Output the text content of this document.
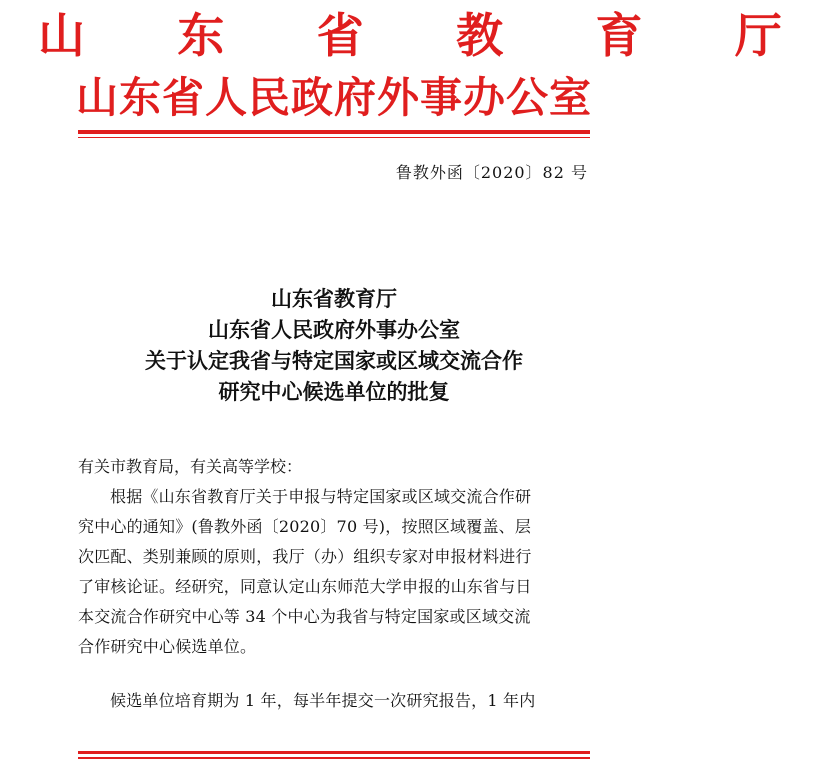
山 东 省 教 育 厅
山东省人民政府外事办公室
鲁教外函〔2020〕82 号
山东省教育厅
山东省人民政府外事办公室
关于认定我省与特定国家或区域交流合作
研究中心候选单位的批复
有关市教育局，有关高等学校：
根据《山东省教育厅关于申报与特定国家或区域交流合作研
究中心的通知》(鲁教外函〔2020〕70 号)，按照区域覆盖、层
次匹配、类别兼顾的原则，我厅（办）组织专家对申报材料进行
了审核论证。经研究，同意认定山东师范大学申报的山东省与日
本交流合作研究中心等 34 个中心为我省与特定国家或区域交流
合作研究中心候选单位。
候选单位培育期为 1 年，每半年提交一次研究报告，1 年内
